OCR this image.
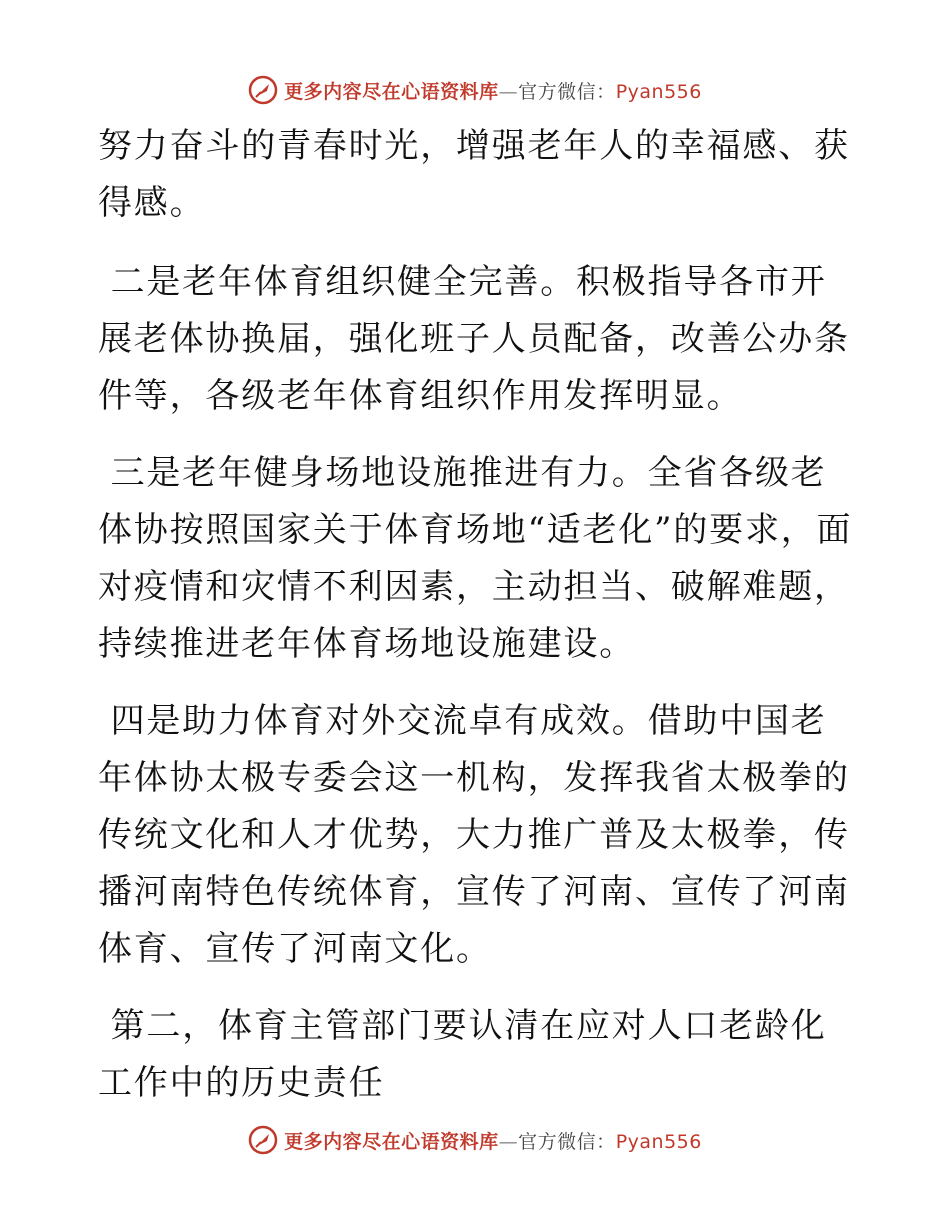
更多内容尽在心语资料库—官方微信：Pyan556

努力奋斗的青春时光，增强老年人的幸福感、获得感。

二是老年体育组织健全完善。积极指导各市开展老体协换届，强化班子人员配备，改善公办条件等，各级老年体育组织作用发挥明显。

三是老年健身场地设施推进有力。全省各级老体协按照国家关于体育场地“适老化”的要求，面对疫情和灾情不利因素，主动担当、破解难题，持续推进老年体育场地设施建设。

四是助力体育对外交流卓有成效。借助中国老年体协太极专委会这一机构，发挥我省太极拳的传统文化和人才优势，大力推广普及太极拳，传播河南特色传统体育，宣传了河南、宣传了河南体育、宣传了河南文化。

第二，体育主管部门要认清在应对人口老龄化工作中的历史责任

更多内容尽在心语资料库—官方微信：Pyan556
